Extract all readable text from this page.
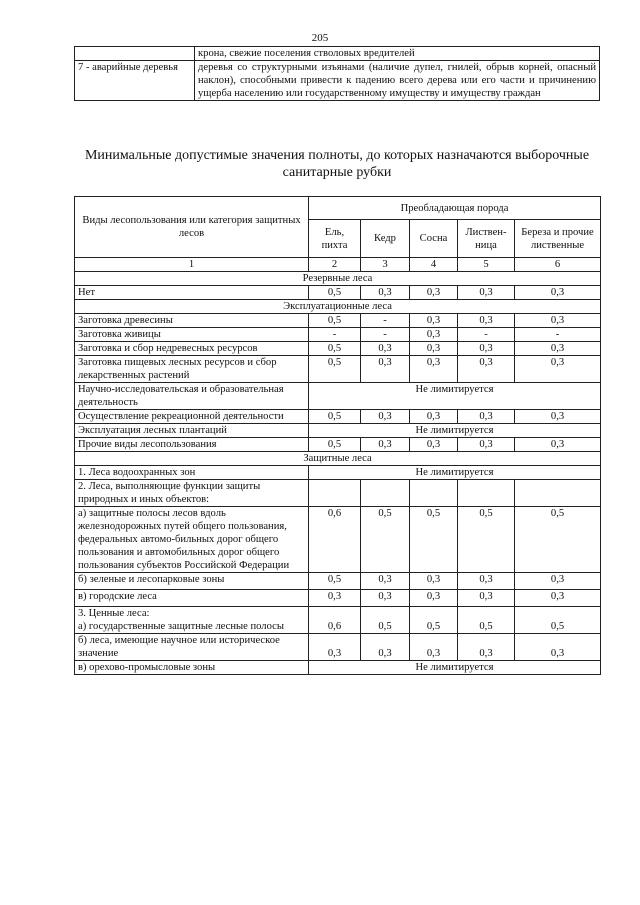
205
	крона, свежие поселения стволовых вредителей
7 - аварийные деревья	деревья со структурными изъянами (наличие дупел, гнилей, обрыв корней, опасный наклон), способными привести к падению всего дерева или его части и причинению ущерба населению или государственному имуществу и имуществу граждан
Минимальные допустимые значения полноты, до которых назначаются выборочные санитарные рубки
Виды лесопользования или категория защитных лесов	Преобладающая порода				
	Ель, пихта	Кедр	Сосна	Листвен-ница	Береза и прочие лиственные
1	2	3	4	5	6
Резервные леса					
Нет	0,5	0,3	0,3	0,3	0,3
Эксплуатационные леса					
Заготовка древесины	0,5	-	0,3	0,3	0,3
Заготовка живицы	-	-	0,3	-	-
Заготовка и сбор недревесных ресурсов	0,5	0,3	0,3	0,3	0,3
Заготовка пищевых лесных ресурсов и сбор лекарственных растений	0,5	0,3	0,3	0,3	0,3
Научно-исследовательская и образовательная деятельность	Не лимитируется				
Осуществление рекреационной деятельности	0,5	0,3	0,3	0,3	0,3
Эксплуатация лесных плантаций	Не лимитируется				
Прочие виды лесопользования	0,5	0,3	0,3	0,3	0,3
Защитные леса					
1. Леса водоохранных зон	Не лимитируется				
2. Леса, выполняющие функции защиты природных и иных объектов:					
а) защитные полосы лесов вдоль железнодорожных путей общего пользования, федеральных автомо-бильных дорог общего пользования и автомобильных дорог общего пользования субъектов Российской Федерации	0,6	0,5	0,5	0,5	0,5
б) зеленые и лесопарковые зоны	0,5	0,3	0,3	0,3	0,3
в) городские леса	0,3	0,3	0,3	0,3	0,3

3. Ценные леса:
а) государственные защитные лесные полосы	0,6	0,5	0,5	0,5	0,5
б) леса, имеющие научное или историческое значение	0,3	0,3	0,3	0,3	0,3
в) орехово-промысловые зоны	Не лимитируется				
